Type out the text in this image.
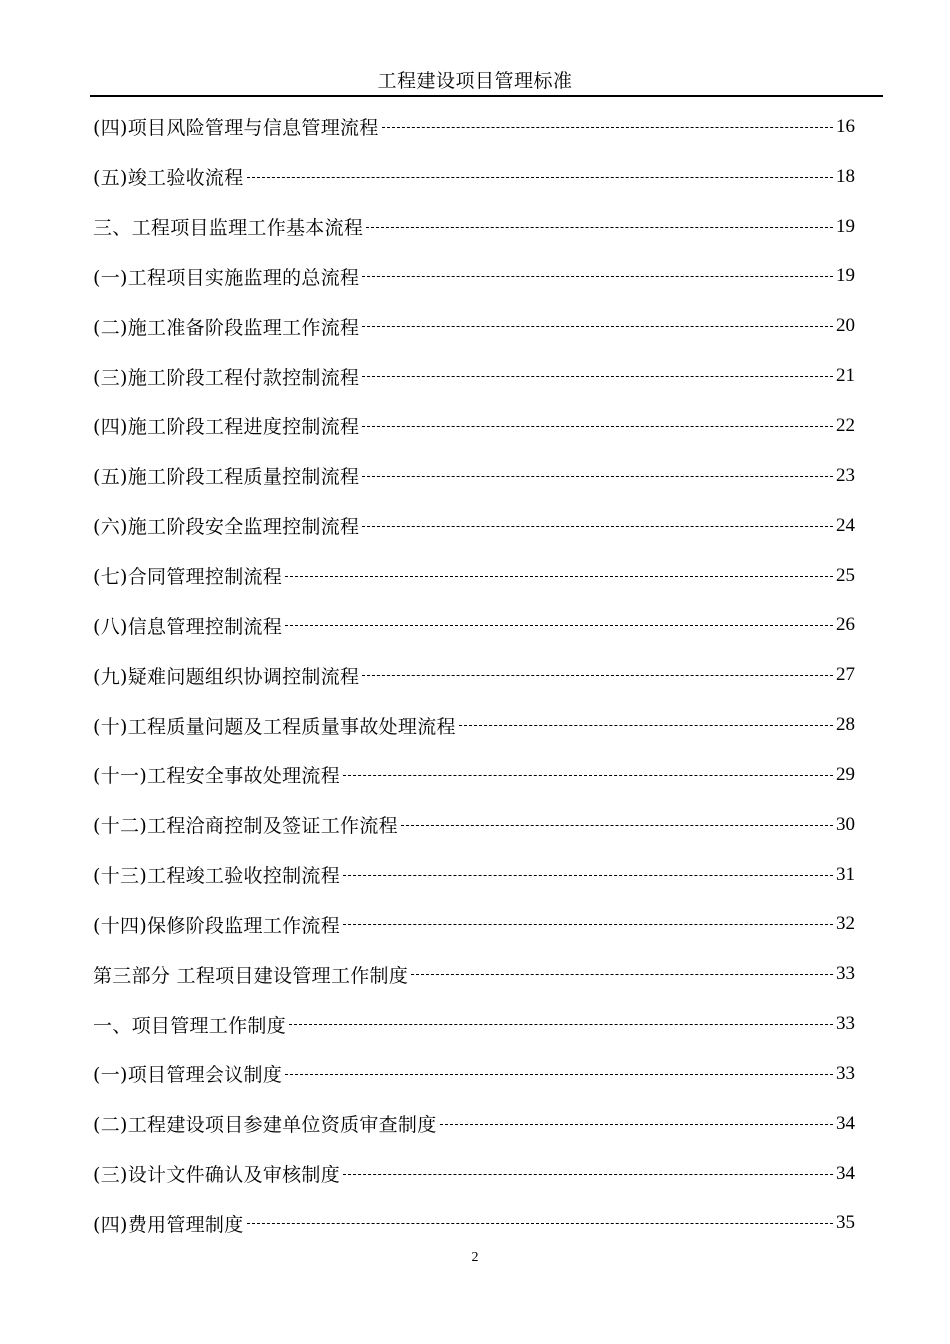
工程建设项目管理标准
(四)项目风险管理与信息管理流程	16
(五)竣工验收流程	18
三、工程项目监理工作基本流程	19
(一)工程项目实施监理的总流程	19
(二)施工准备阶段监理工作流程	20
(三)施工阶段工程付款控制流程	21
(四)施工阶段工程进度控制流程	22
(五)施工阶段工程质量控制流程	23
(六)施工阶段安全监理控制流程	24
(七)合同管理控制流程	25
(八)信息管理控制流程	26
(九)疑难问题组织协调控制流程	27
(十)工程质量问题及工程质量事故处理流程	28
(十一)工程安全事故处理流程	29
(十二)工程洽商控制及签证工作流程	30
(十三)工程竣工验收控制流程	31
(十四)保修阶段监理工作流程	32
第三部分 工程项目建设管理工作制度	33
一、项目管理工作制度	33
(一)项目管理会议制度	33
(二)工程建设项目参建单位资质审查制度	34
(三)设计文件确认及审核制度	34
(四)费用管理制度	35
2
